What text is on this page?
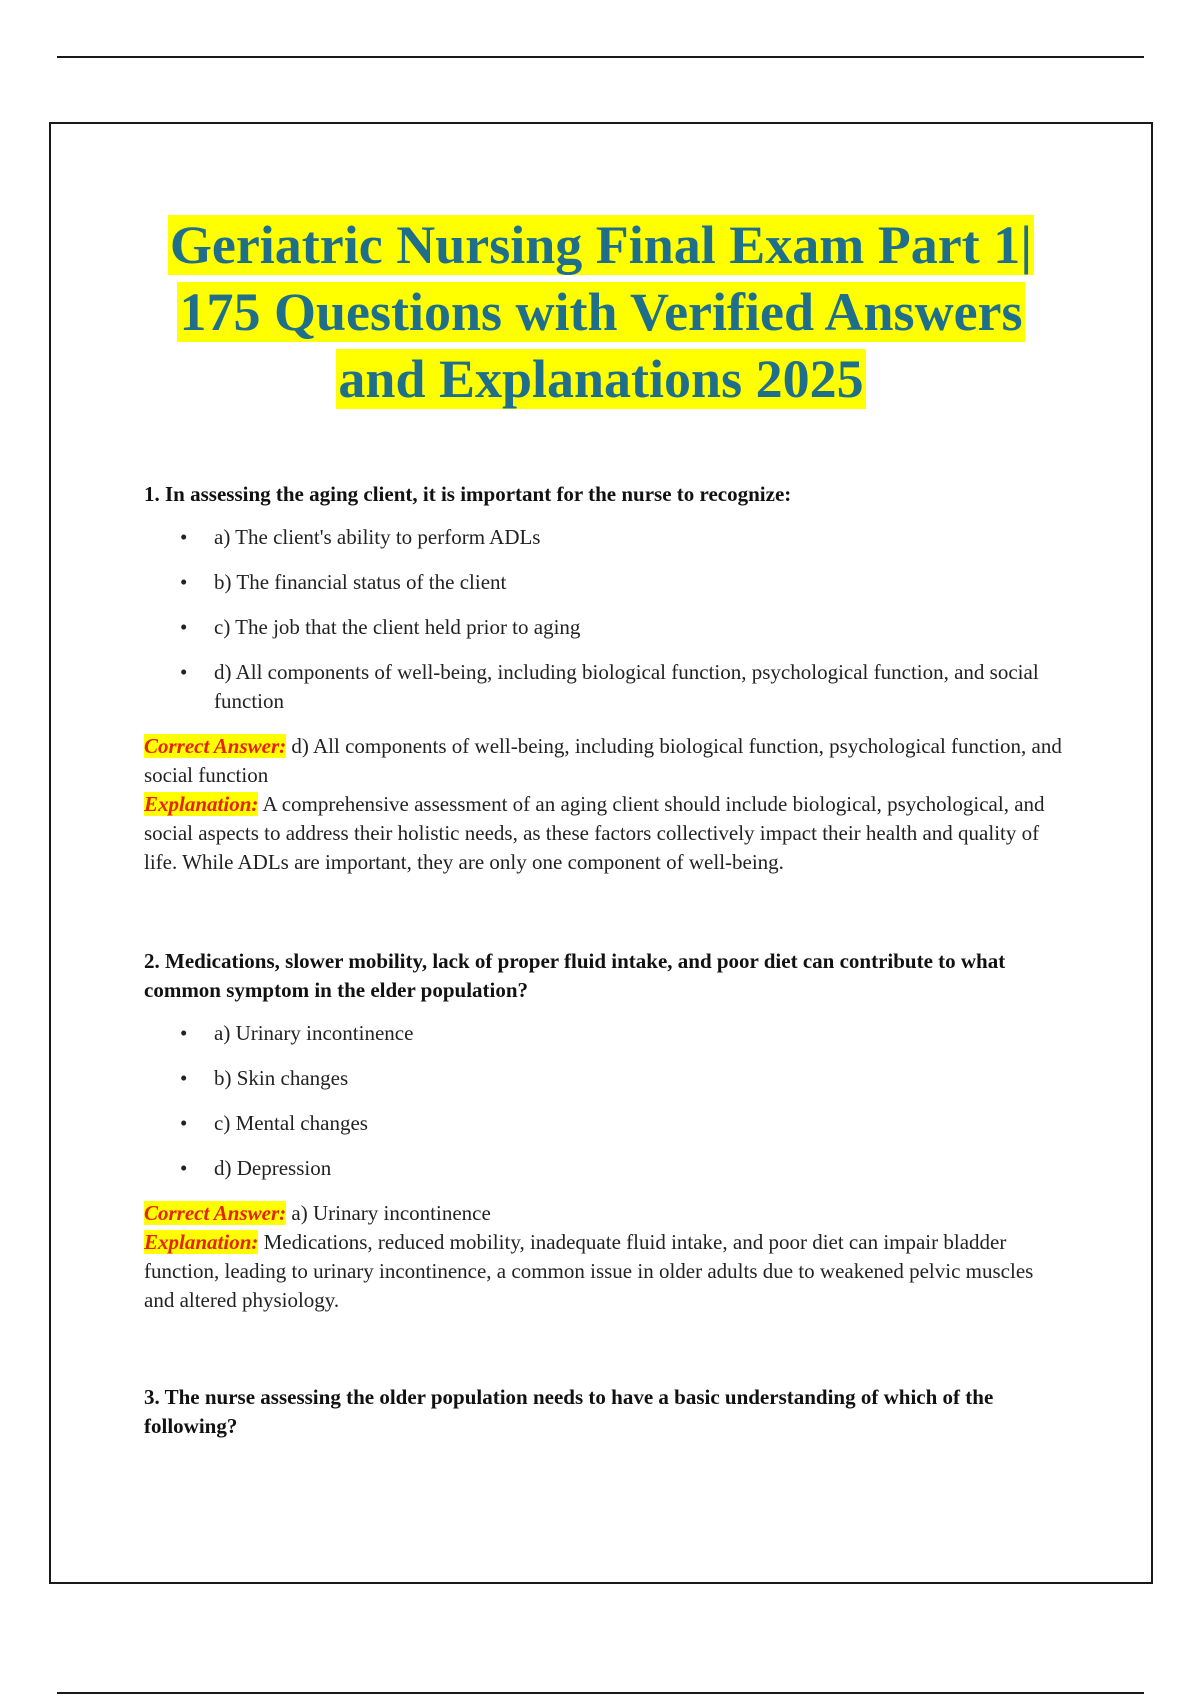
Geriatric Nursing Final Exam Part 1|
175 Questions with Verified Answers
and Explanations 2025

1. In assessing the aging client, it is important for the nurse to recognize:

• a) The client's ability to perform ADLs
• b) The financial status of the client
• c) The job that the client held prior to aging
• d) All components of well-being, including biological function, psychological function, and social function

Correct Answer: d) All components of well-being, including biological function, psychological function, and social function

Explanation: A comprehensive assessment of an aging client should include biological, psychological, and social aspects to address their holistic needs, as these factors collectively impact their health and quality of life. While ADLs are important, they are only one component of well-being.

2. Medications, slower mobility, lack of proper fluid intake, and poor diet can contribute to what common symptom in the elder population?

• a) Urinary incontinence
• b) Skin changes
• c) Mental changes
• d) Depression

Correct Answer: a) Urinary incontinence

Explanation: Medications, reduced mobility, inadequate fluid intake, and poor diet can impair bladder function, leading to urinary incontinence, a common issue in older adults due to weakened pelvic muscles and altered physiology.

3. The nurse assessing the older population needs to have a basic understanding of which of the following?
